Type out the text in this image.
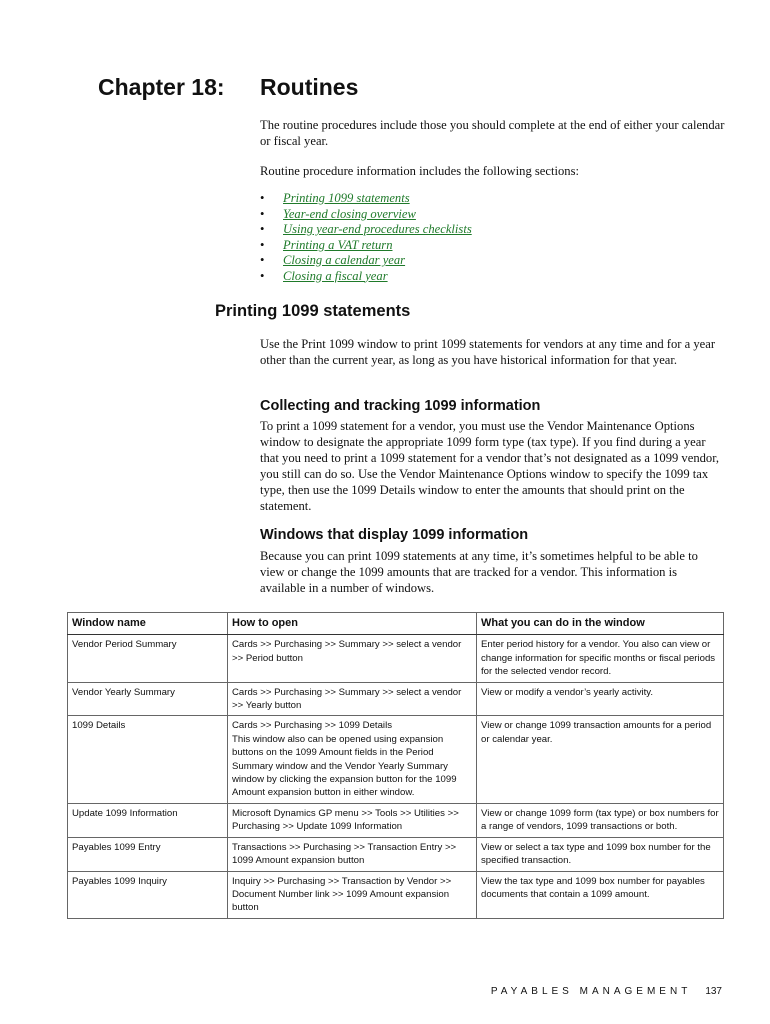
Chapter 18: Routines

The routine procedures include those you should complete at the end of either your calendar or fiscal year.

Routine procedure information includes the following sections:

• Printing 1099 statements
• Year-end closing overview
• Using year-end procedures checklists
• Printing a VAT return
• Closing a calendar year
• Closing a fiscal year
Printing 1099 statements

Use the Print 1099 window to print 1099 statements for vendors at any time and for a year other than the current year, as long as you have historical information for that year.

Collecting and tracking 1099 information

To print a 1099 statement for a vendor, you must use the Vendor Maintenance Options window to designate the appropriate 1099 form type (tax type). If you find during a year that you need to print a 1099 statement for a vendor that’s not designated as a 1099 vendor, you still can do so. Use the Vendor Maintenance Options window to specify the 1099 tax type, then use the 1099 Details window to enter the amounts that should print on the statement.

Windows that display 1099 information

Because you can print 1099 statements at any time, it’s sometimes helpful to be able to view or change the 1099 amounts that are tracked for a vendor. This information is available in a number of windows.

Window name	How to open	What you can do in the window
Vendor Period Summary	Cards >> Purchasing >> Summary >> select a vendor >> Period button	Enter period history for a vendor. You also can view or change information for specific months or fiscal periods for the selected vendor record.
Vendor Yearly Summary	Cards >> Purchasing >> Summary >> select a vendor >> Yearly button	View or modify a vendor’s yearly activity.
1099 Details	Cards >> Purchasing >> 1099 Details
This window also can be opened using expansion buttons on the 1099 Amount fields in the Period Summary window and the Vendor Yearly Summary window by clicking the expansion button for the 1099 Amount expansion button in either window.	View or change 1099 transaction amounts for a period or calendar year.
Update 1099 Information	Microsoft Dynamics GP menu >> Tools >> Utilities >> Purchasing >> Update 1099 Information	View or change 1099 form (tax type) or box numbers for a range of vendors, 1099 transactions or both.
Payables 1099 Entry	Transactions >> Purchasing >> Transaction Entry >> 1099 Amount expansion button	View or select a tax type and 1099 box number for the specified transaction.
Payables 1099 Inquiry	Inquiry >> Purchasing >> Transaction by Vendor >> Document Number link >> 1099 Amount expansion button	View the tax type and 1099 box number for payables documents that contain a 1099 amount.
PAYABLES MANAGEMENT 137
